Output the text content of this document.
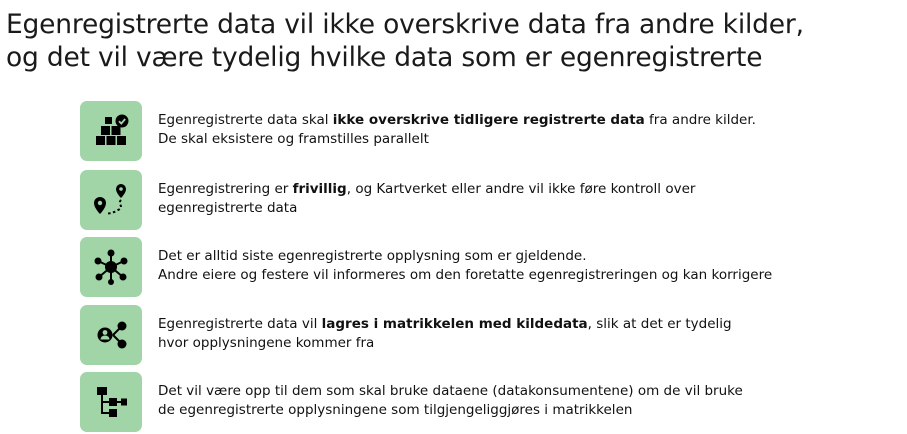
Egenregistrerte data vil ikke overskrive data fra andre kilder,
og det vil være tydelig hvilke data som er egenregistrerte
Egenregistrerte data skal ikke overskrive tidligere registrerte data fra andre kilder.
De skal eksistere og framstilles parallelt
Egenregistrering er frivillig, og Kartverket eller andre vil ikke føre kontroll over
egenregistrerte data
Det er alltid siste egenregistrerte opplysning som er gjeldende.
Andre eiere og festere vil informeres om den foretatte egenregistreringen og kan korrigere
Egenregistrerte data vil lagres i matrikkelen med kildedata, slik at det er tydelig
hvor opplysningene kommer fra
Det vil være opp til dem som skal bruke dataene (datakonsumentene) om de vil bruke
de egenregistrerte opplysningene som tilgjengeliggjøres i matrikkelen
